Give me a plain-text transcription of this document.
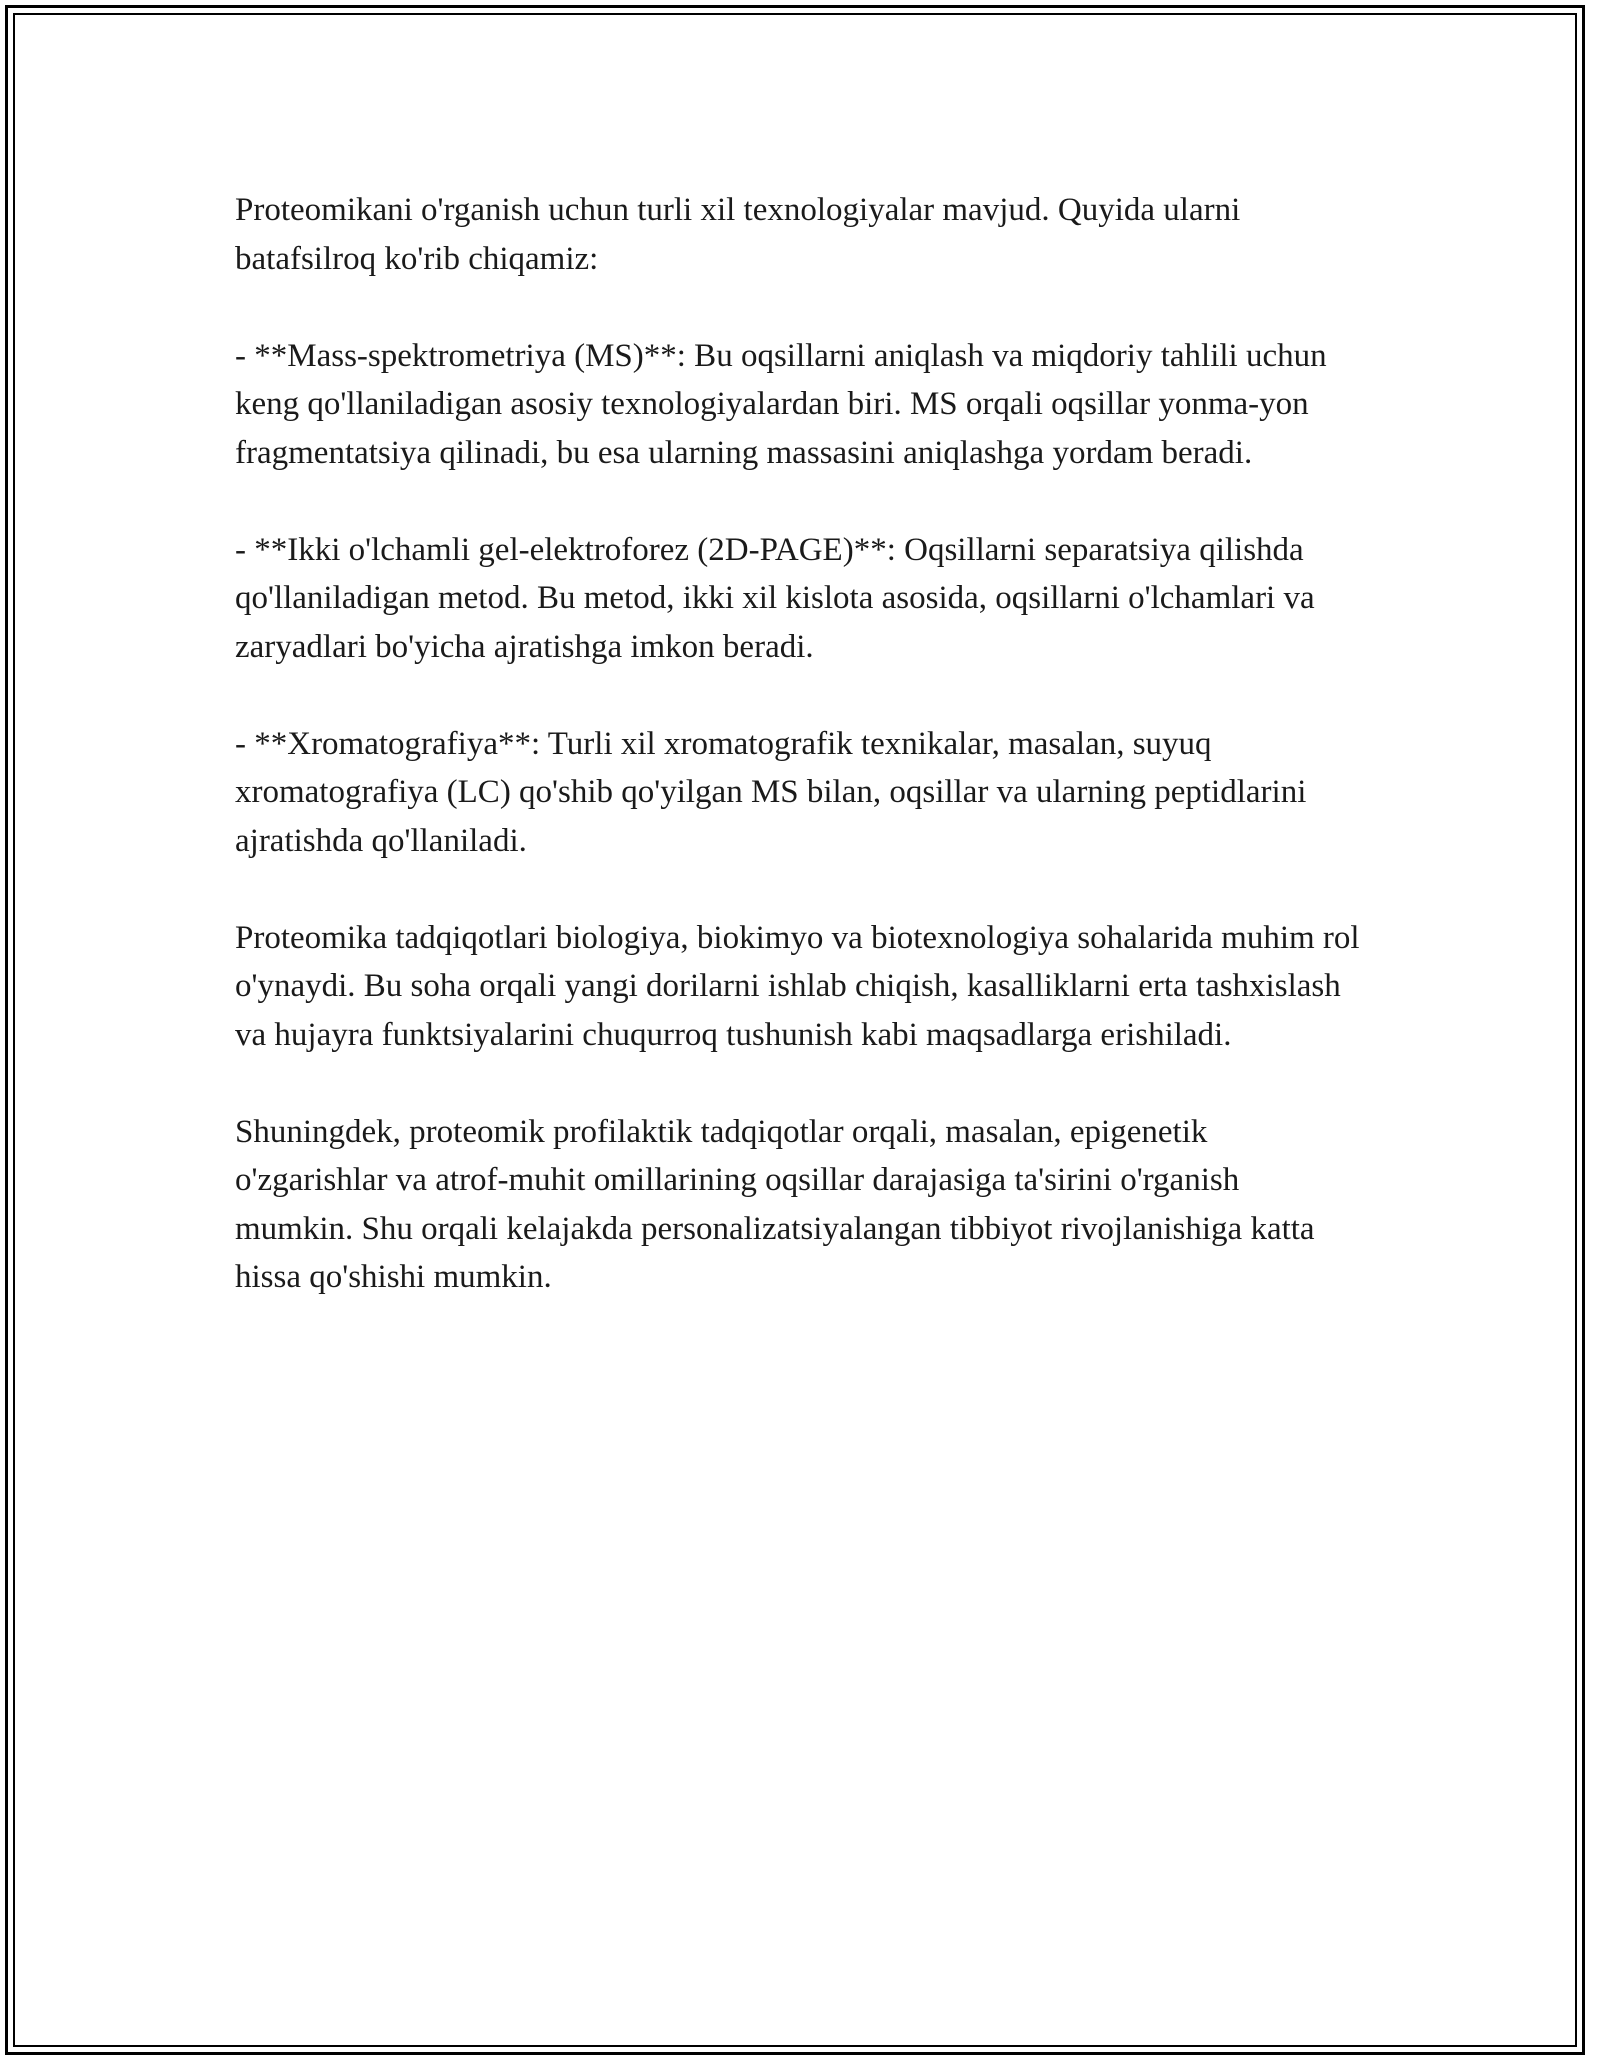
Proteomikani o'rganish uchun turli xil texnologiyalar mavjud. Quyida ularni batafsilroq ko'rib chiqamiz:

- **Mass-spektrometriya (MS)**: Bu oqsillarni aniqlash va miqdoriy tahlili uchun keng qo'llaniladigan asosiy texnologiyalardan biri. MS orqali oqsillar yonma-yon fragmentatsiya qilinadi, bu esa ularning massasini aniqlashga yordam beradi.

- **Ikki o'lchamli gel-elektroforez (2D-PAGE)**: Oqsillarni separatsiya qilishda qo'llaniladigan metod. Bu metod, ikki xil kislota asosida, oqsillarni o'lchamlari va zaryadlari bo'yicha ajratishga imkon beradi.

- **Xromatografiya**: Turli xil xromatografik texnikalar, masalan, suyuq xromatografiya (LC) qo'shib qo'yilgan MS bilan, oqsillar va ularning peptidlarini ajratishda qo'llaniladi.

Proteomika tadqiqotlari biologiya, biokimyo va biotexnologiya sohalarida muhim rol o'ynaydi. Bu soha orqali yangi dorilarni ishlab chiqish, kasalliklarni erta tashxislash va hujayra funktsiyalarini chuqurroq tushunish kabi maqsadlarga erishiladi.

Shuningdek, proteomik profilaktik tadqiqotlar orqali, masalan, epigenetik o'zgarishlar va atrof-muhit omillarining oqsillar darajasiga ta'sirini o'rganish mumkin. Shu orqali kelajakda personalizatsiyalangan tibbiyot rivojlanishiga katta hissa qo'shishi mumkin.
